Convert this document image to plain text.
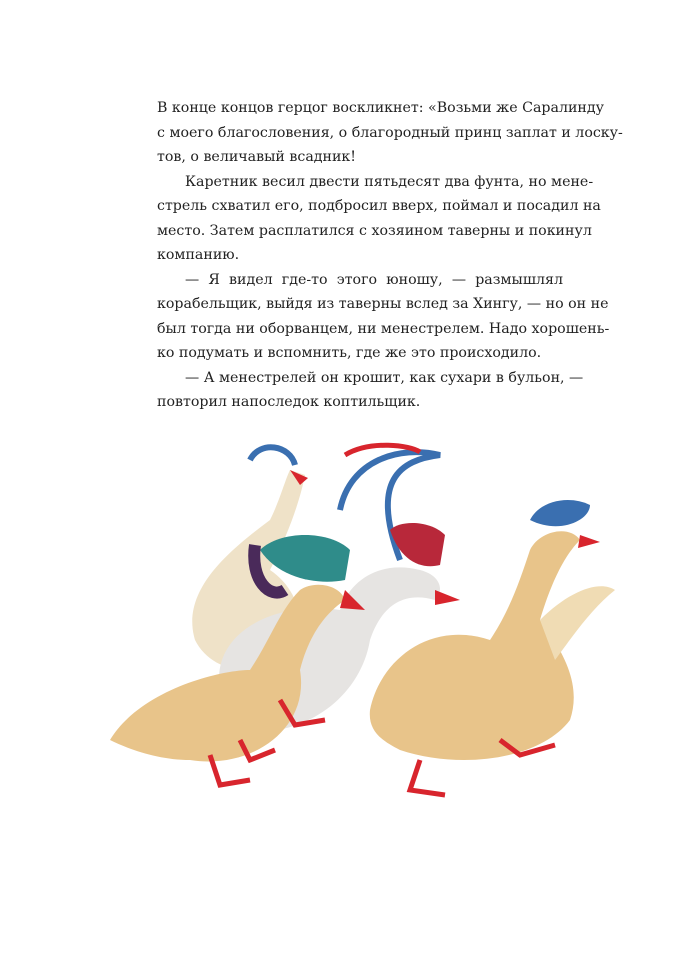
В конце концов герцог воскликнет: «Возьми же Саралинду
с моего благословения, о благородный принц заплат и лоску-
тов, о величавый всадник!
Каретник весил двести пятьдесят два фунта, но мене-
стрель схватил его, подбросил вверх, поймал и посадил на
место. Затем расплатился с хозяином таверны и покинул
компанию.
— Я видел где-то этого юношу, — размышлял
корабельщик, выйдя из таверны вслед за Хингу, — но он не
был тогда ни оборванцем, ни менестрелем. Надо хорошень-
ко подумать и вспомнить, где же это происходило.
— А менестрелей он крошит, как сухари в бульон, —
повторил напоследок коптильщик.
